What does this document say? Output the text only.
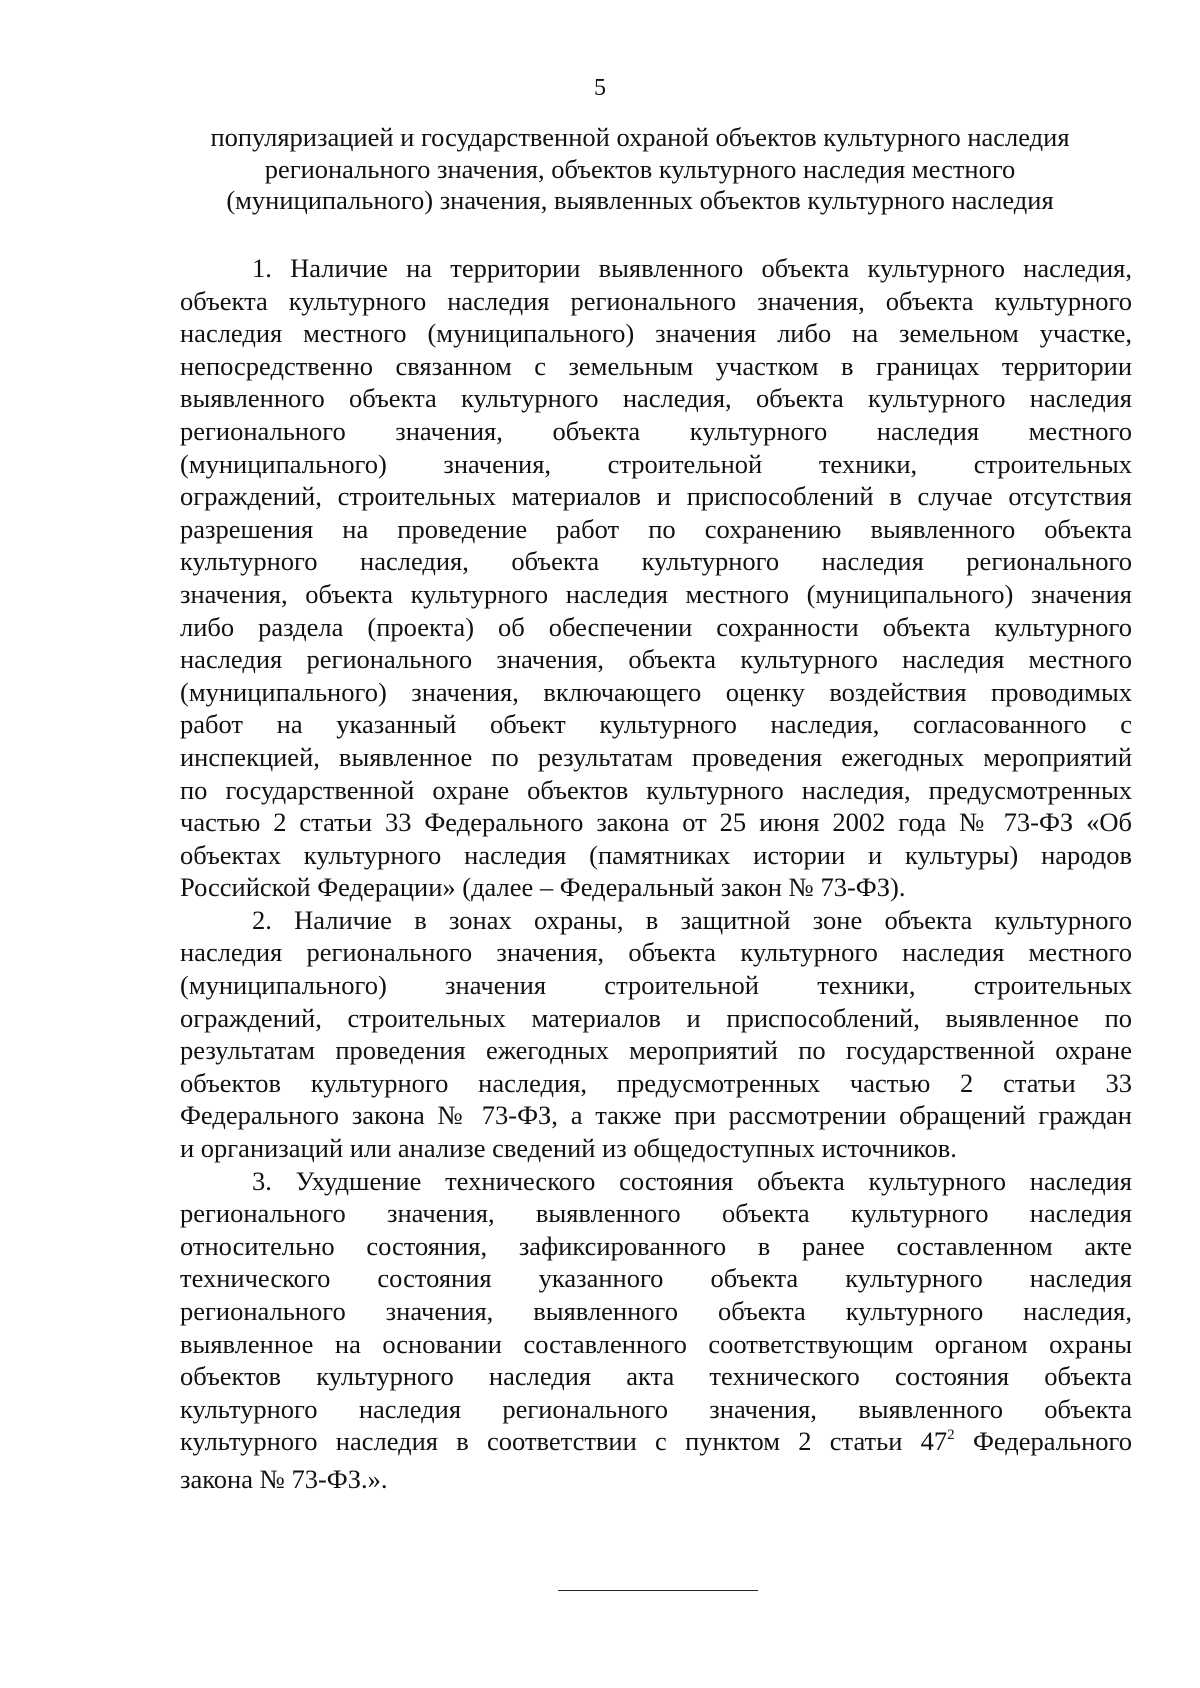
5
популяризацией и государственной охраной объектов культурного наследия
регионального значения, объектов культурного наследия местного
(муниципального) значения, выявленных объектов культурного наследия
1. Наличие на территории выявленного объекта культурного наследия,
объекта культурного наследия регионального значения, объекта культурного
наследия местного (муниципального) значения либо на земельном участке,
непосредственно связанном с земельным участком в границах территории
выявленного объекта культурного наследия, объекта культурного наследия
регионального значения, объекта культурного наследия местного
(муниципального) значения, строительной техники, строительных
ограждений, строительных материалов и приспособлений в случае отсутствия
разрешения на проведение работ по сохранению выявленного объекта
культурного наследия, объекта культурного наследия регионального
значения, объекта культурного наследия местного (муниципального) значения
либо раздела (проекта) об обеспечении сохранности объекта культурного
наследия регионального значения, объекта культурного наследия местного
(муниципального) значения, включающего оценку воздействия проводимых
работ на указанный объект культурного наследия, согласованного с
инспекцией, выявленное по результатам проведения ежегодных мероприятий
по государственной охране объектов культурного наследия, предусмотренных
частью 2 статьи 33 Федерального закона от 25 июня 2002 года № 73-ФЗ «Об
объектах культурного наследия (памятниках истории и культуры) народов
Российской Федерации» (далее – Федеральный закон № 73-ФЗ).
2. Наличие в зонах охраны, в защитной зоне объекта культурного
наследия регионального значения, объекта культурного наследия местного
(муниципального) значения строительной техники, строительных
ограждений, строительных материалов и приспособлений, выявленное по
результатам проведения ежегодных мероприятий по государственной охране
объектов культурного наследия, предусмотренных частью 2 статьи 33
Федерального закона № 73-ФЗ, а также при рассмотрении обращений граждан
и организаций или анализе сведений из общедоступных источников.
3. Ухудшение технического состояния объекта культурного наследия
регионального значения, выявленного объекта культурного наследия
относительно состояния, зафиксированного в ранее составленном акте
технического состояния указанного объекта культурного наследия
регионального значения, выявленного объекта культурного наследия,
выявленное на основании составленного соответствующим органом охраны
объектов культурного наследия акта технического состояния объекта
культурного наследия регионального значения, выявленного объекта
культурного наследия в соответствии с пунктом 2 статьи $47^2$ Федерального
закона № 73-ФЗ.».
